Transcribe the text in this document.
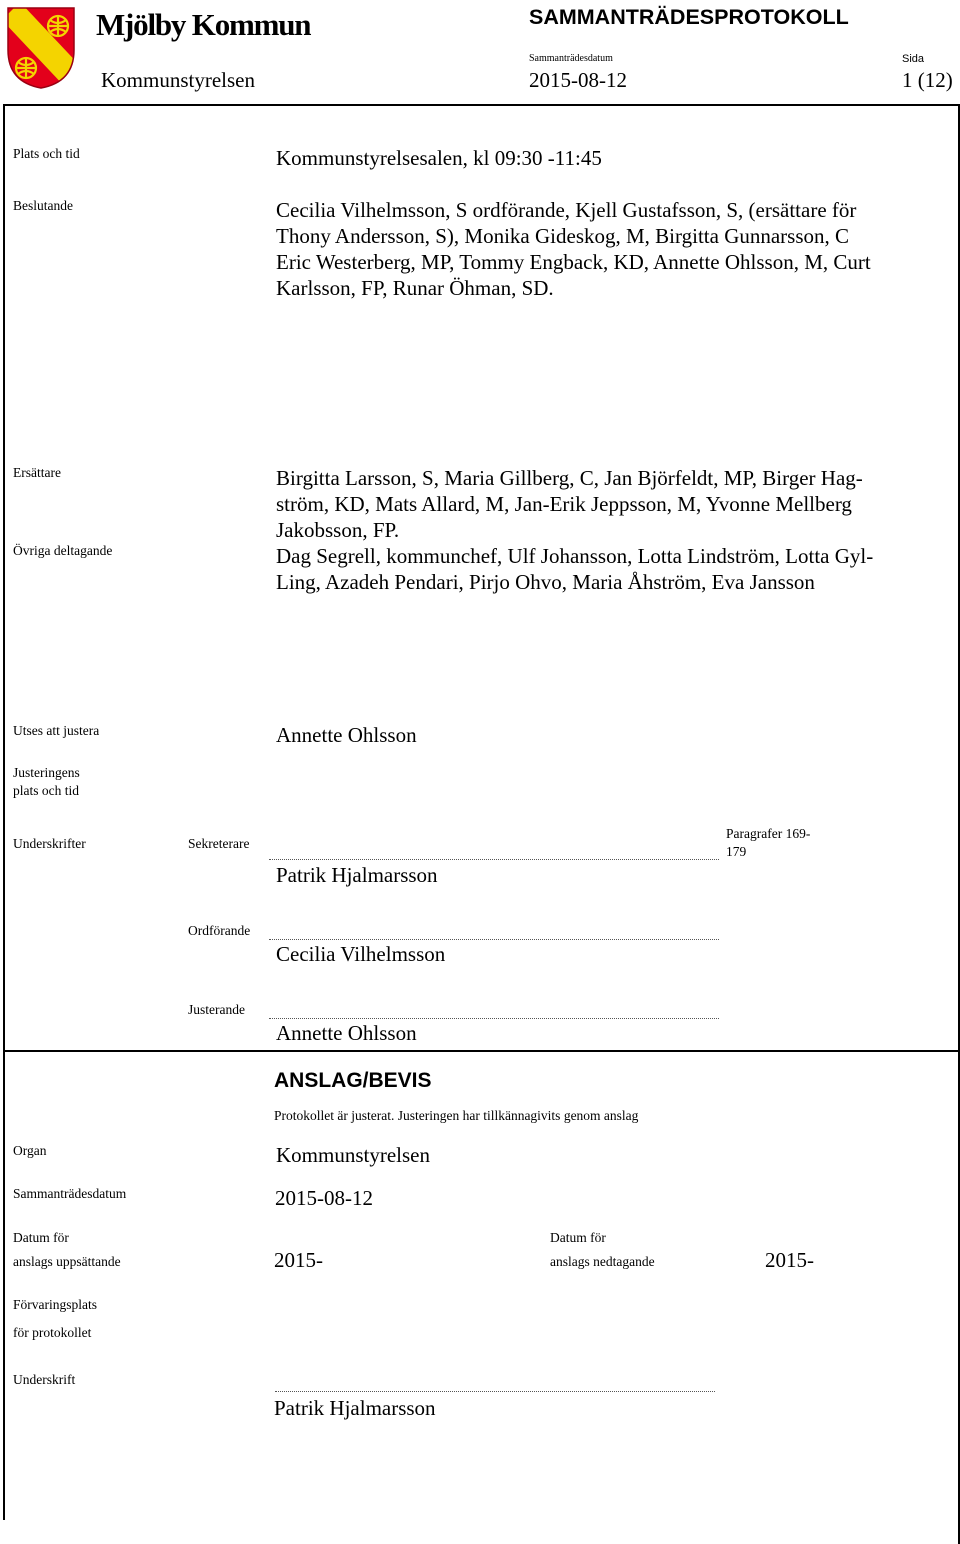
Mjölby Kommun	SAMMANTRÄDESPROTOKOLL
Kommunstyrelsen
Sammanträdesdatum
2015-08-12
Sida
1 (12)
Plats och tid	Kommunstyrelsesalen, kl 09:30 -11:45
Beslutande	Cecilia Vilhelmsson, S ordförande, Kjell Gustafsson, S, (ersättare för
Thony Andersson, S), Monika Gideskog, M, Birgitta Gunnarsson, C
Eric Westerberg, MP, Tommy Engback, KD, Annette Ohlsson, M, Curt
Karlsson, FP, Runar Öhman, SD.
Ersättare	Birgitta Larsson, S, Maria Gillberg, C, Jan Björfeldt, MP, Birger Hag-
ström, KD, Mats Allard, M, Jan-Erik Jeppsson, M, Yvonne Mellberg
Jakobsson, FP.
Övriga deltagande	Dag Segrell, kommunchef, Ulf Johansson, Lotta Lindström, Lotta Gyl-
Ling, Azadeh Pendari, Pirjo Ohvo, Maria Åhström, Eva Jansson
Utses att justera	Annette Ohlsson
Justeringens
plats och tid
Underskrifter	Sekreterare
Patrik Hjalmarsson
Paragrafer 169-
179
Ordförande
Cecilia Vilhelmsson
Justerande
Annette Ohlsson
ANSLAG/BEVIS
Protokollet är justerat. Justeringen har tillkännagivits genom anslag
Organ	Kommunstyrelsen
Sammanträdesdatum	2015-08-12
Datum för
anslags uppsättande	2015-
Datum för
anslags nedtagande	2015-
Förvaringsplats
för protokollet
Underskrift
Patrik Hjalmarsson
